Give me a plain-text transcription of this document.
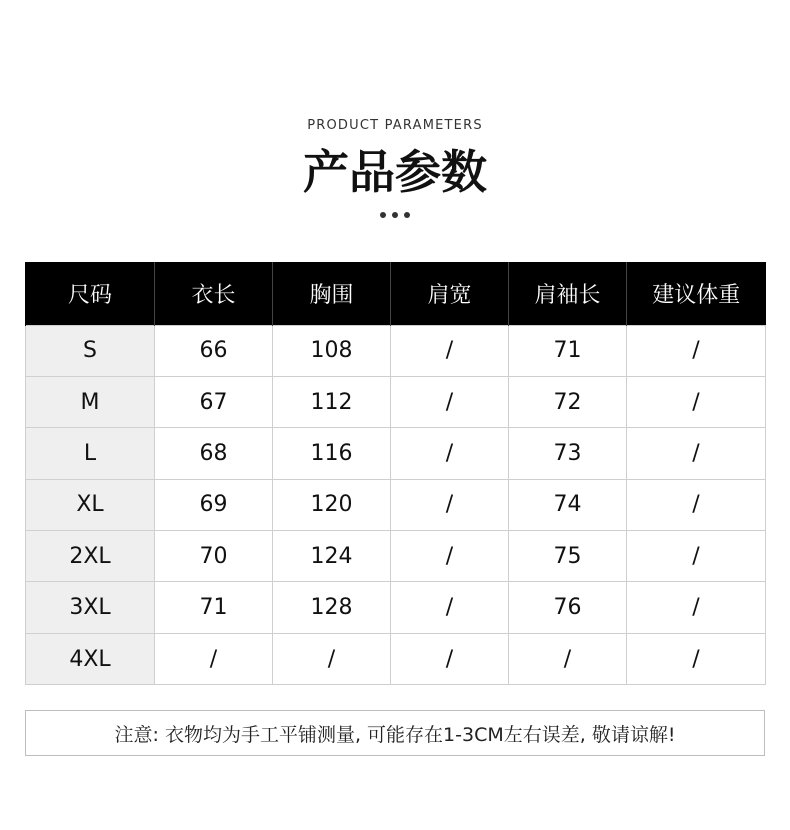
PRODUCT PARAMETERS
产品参数
尺码	衣长	胸围	肩宽	肩袖长	建议体重
S	66	108	/	71	/
M	67	112	/	72	/
L	68	116	/	73	/
XL	69	120	/	74	/
2XL	70	124	/	75	/
3XL	71	128	/	76	/
4XL	/	/	/	/	/
注意: 衣物均为手工平铺测量, 可能存在1-3CM左右误差, 敬请谅解!
